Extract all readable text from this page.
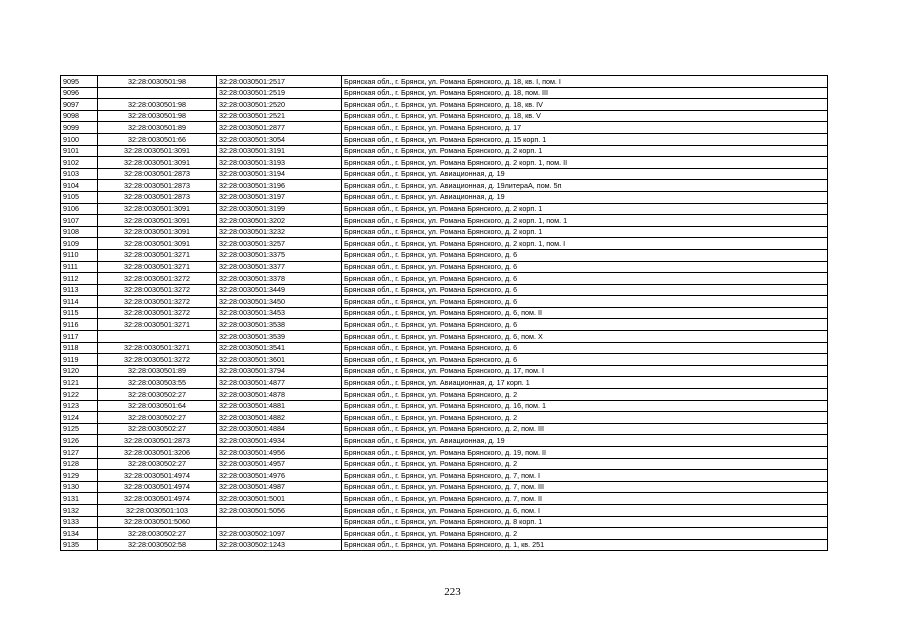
9095	32:28:0030501:98	32:28:0030501:2517	Брянская обл., г. Брянск, ул. Романа Брянского, д. 18, кв. I, пом. I
9096		32:28:0030501:2519	Брянская обл., г. Брянск, ул. Романа Брянского, д. 18, пом. III
9097	32:28:0030501:98	32:28:0030501:2520	Брянская обл., г. Брянск, ул. Романа Брянского, д. 18, кв. IV
9098	32:28:0030501:98	32:28:0030501:2521	Брянская обл., г. Брянск, ул. Романа Брянского, д. 18, кв. V
9099	32:28:0030501:89	32:28:0030501:2877	Брянская обл., г. Брянск, ул. Романа Брянского, д. 17
9100	32:28:0030501:66	32:28:0030501:3054	Брянская обл., г. Брянск, ул. Романа Брянского, д. 15 корп. 1
9101	32:28:0030501:3091	32:28:0030501:3191	Брянская обл., г. Брянск, ул. Романа Брянского, д. 2 корп. 1
9102	32:28:0030501:3091	32:28:0030501:3193	Брянская обл., г. Брянск, ул. Романа Брянского, д. 2 корп. 1, пом. II
9103	32:28:0030501:2873	32:28:0030501:3194	Брянская обл., г. Брянск, ул. Авиационная, д. 19
9104	32:28:0030501:2873	32:28:0030501:3196	Брянская обл., г. Брянск, ул. Авиационная, д. 19литераА, пом. 5п
9105	32:28:0030501:2873	32:28:0030501:3197	Брянская обл., г. Брянск, ул. Авиационная, д. 19
9106	32:28:0030501:3091	32:28:0030501:3199	Брянская обл., г. Брянск, ул. Романа Брянского, д. 2 корп. 1
9107	32:28:0030501:3091	32:28:0030501:3202	Брянская обл., г. Брянск, ул. Романа Брянского, д. 2 корп. 1, пом. 1
9108	32:28:0030501:3091	32:28:0030501:3232	Брянская обл., г. Брянск, ул. Романа Брянского, д. 2 корп. 1
9109	32:28:0030501:3091	32:28:0030501:3257	Брянская обл., г. Брянск, ул. Романа Брянского, д. 2 корп. 1, пом. I
9110	32:28:0030501:3271	32:28:0030501:3375	Брянская обл., г. Брянск, ул. Романа Брянского, д. 6
9111	32:28:0030501:3271	32:28:0030501:3377	Брянская обл., г. Брянск, ул. Романа Брянского, д. 6
9112	32:28:0030501:3272	32:28:0030501:3378	Брянская обл., г. Брянск, ул. Романа Брянского, д. 6
9113	32:28:0030501:3272	32:28:0030501:3449	Брянская обл., г. Брянск, ул. Романа Брянского, д. 6
9114	32:28:0030501:3272	32:28:0030501:3450	Брянская обл., г. Брянск, ул. Романа Брянского, д. 6
9115	32:28:0030501:3272	32:28:0030501:3453	Брянская обл., г. Брянск, ул. Романа Брянского, д. 6, пом. II
9116	32:28:0030501:3271	32:28:0030501:3538	Брянская обл., г. Брянск, ул. Романа Брянского, д. 6
9117		32:28:0030501:3539	Брянская обл., г. Брянск, ул. Романа Брянского, д. 6, пом. X
9118	32:28:0030501:3271	32:28:0030501:3541	Брянская обл., г. Брянск, ул. Романа Брянского, д. 6
9119	32:28:0030501:3272	32:28:0030501:3601	Брянская обл., г. Брянск, ул. Романа Брянского, д. 6
9120	32:28:0030501:89	32:28:0030501:3794	Брянская обл., г. Брянск, ул. Романа Брянского, д. 17, пом. I
9121	32:28:0030503:55	32:28:0030501:4877	Брянская обл., г. Брянск, ул. Авиационная, д. 17 корп. 1
9122	32:28:0030502:27	32:28:0030501:4878	Брянская обл., г. Брянск, ул. Романа Брянского, д. 2
9123	32:28:0030501:64	32:28:0030501:4881	Брянская обл., г. Брянск, ул. Романа Брянского, д. 16, пом. 1
9124	32:28:0030502:27	32:28:0030501:4882	Брянская обл., г. Брянск, ул. Романа Брянского, д. 2
9125	32:28:0030502:27	32:28:0030501:4884	Брянская обл., г. Брянск, ул. Романа Брянского, д. 2, пом. III
9126	32:28:0030501:2873	32:28:0030501:4934	Брянская обл., г. Брянск, ул. Авиационная, д. 19
9127	32:28:0030501:3206	32:28:0030501:4956	Брянская обл., г. Брянск, ул. Романа Брянского, д. 19, пом. II
9128	32:28:0030502:27	32:28:0030501:4957	Брянская обл., г. Брянск, ул. Романа Брянского, д. 2
9129	32:28:0030501:4974	32:28:0030501:4976	Брянская обл., г. Брянск, ул. Романа Брянского, д. 7, пом. I
9130	32:28:0030501:4974	32:28:0030501:4987	Брянская обл., г. Брянск, ул. Романа Брянского, д. 7, пом. III
9131	32:28:0030501:4974	32:28:0030501:5001	Брянская обл., г. Брянск, ул. Романа Брянского, д. 7, пом. II
9132	32:28:0030501:103	32:28:0030501:5056	Брянская обл., г. Брянск, ул. Романа Брянского, д. 6, пом. I
9133	32:28:0030501:5060		Брянская обл., г. Брянск, ул. Романа Брянского, д. 8 корп. 1
9134	32:28:0030502:27	32:28:0030502:1097	Брянская обл., г. Брянск, ул. Романа Брянского, д. 2
9135	32:28:0030502:58	32:28:0030502:1243	Брянская обл., г. Брянск, ул. Романа Брянского, д. 1, кв. 251
223
